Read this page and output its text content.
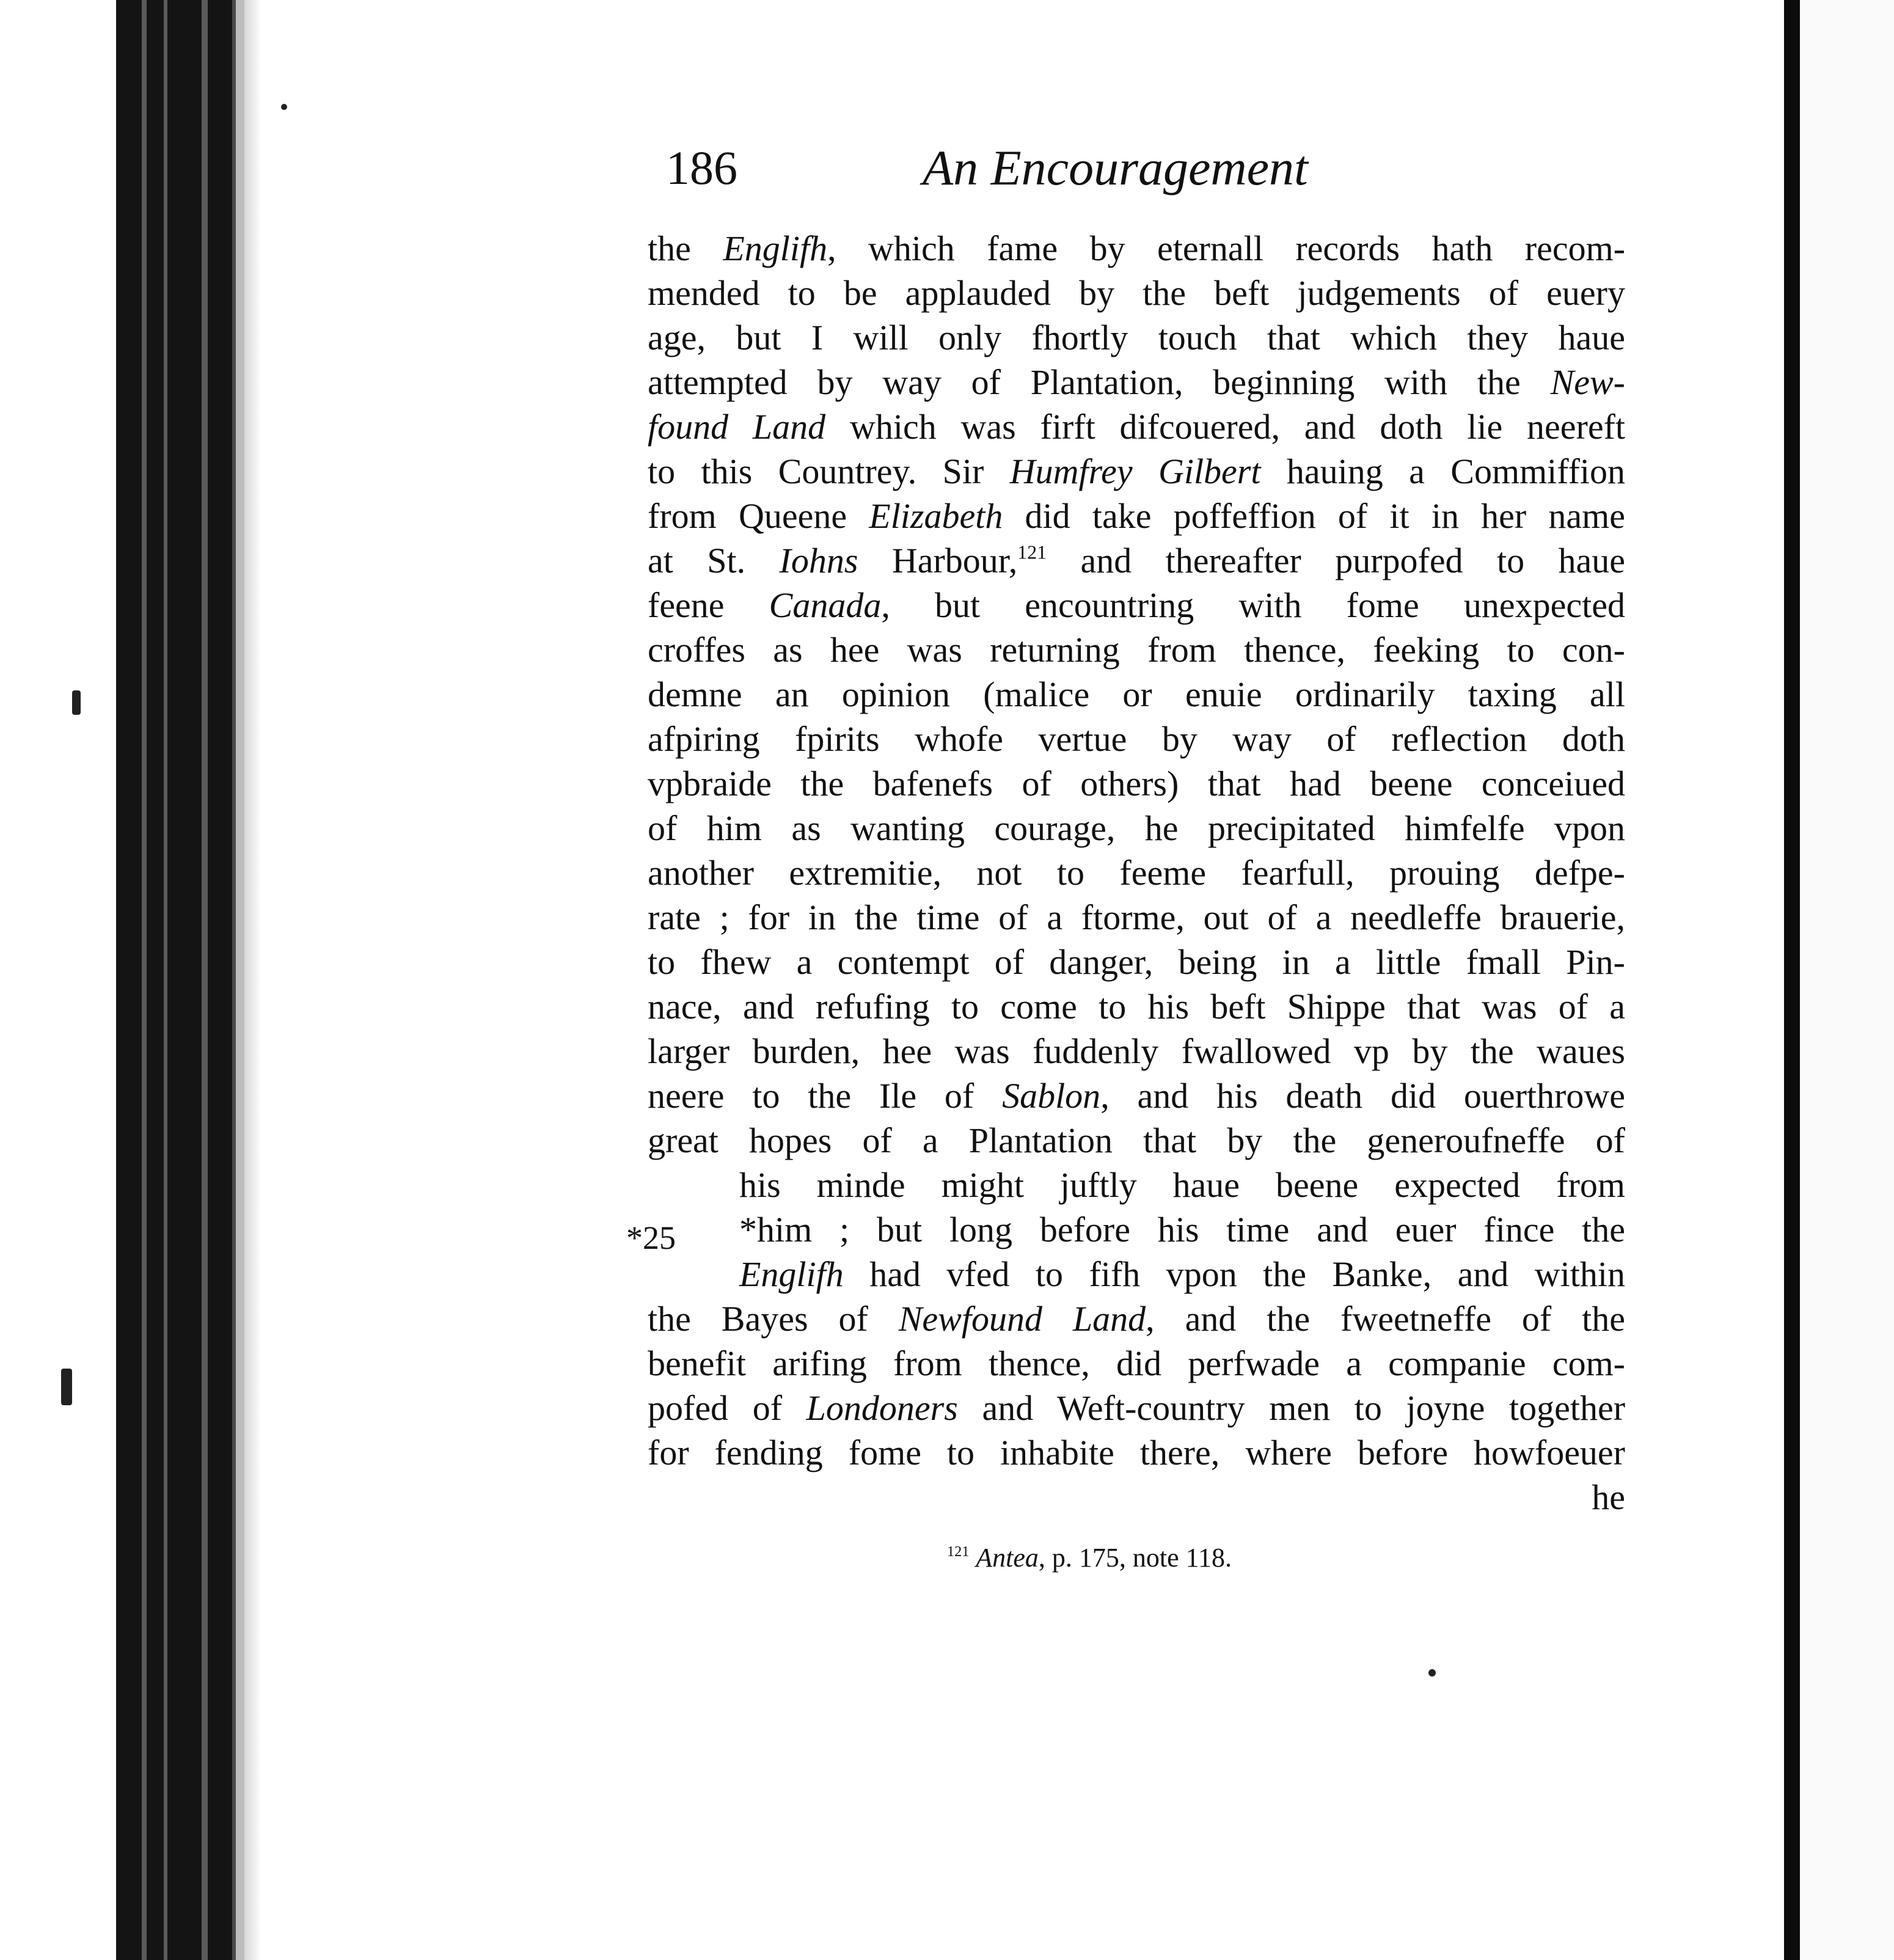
186	An Encouragement
the Englifh, which fame by eternall records hath recom-
mended to be applauded by the beft judgements of euery
age, but I will only fhortly touch that which they haue
attempted by way of Plantation, beginning with the New-
found Land which was firft difcouered, and doth lie neereft
to this Countrey. Sir Humfrey Gilbert hauing a Commiffion
from Queene Elizabeth did take poffeffion of it in her name
at St. Iohns Harbour,$^{121}$ and thereafter purpofed to haue
feene Canada, but encountring with fome unexpected
croffes as hee was returning from thence, feeking to con-
demne an opinion (malice or enuie ordinarily taxing all
afpiring fpirits whofe vertue by way of reflection doth
vpbraide the bafenefs of others) that had beene conceiued
of him as wanting courage, he precipitated himfelfe vpon
another extremitie, not to feeme fearfull, prouing defpe-
rate ; for in the time of a ftorme, out of a needleffe brauerie,
to fhew a contempt of danger, being in a little fmall Pin-
nace, and refufing to come to his beft Shippe that was of a
larger burden, hee was fuddenly fwallowed vp by the waues
neere to the Ile of Sablon, and his death did ouerthrowe
great hopes of a Plantation that by the generoufneffe of
his minde might juftly haue beene expected from
*him ; but long before his time and euer fince the
Englifh had vfed to fifh vpon the Banke, and within
the Bayes of Newfound Land, and the fweetneffe of the
benefit arifing from thence, did perfwade a companie com-
pofed of Londoners and Weft-country men to joyne together
for fending fome to inhabite there, where before howfoeuer
he
*25
$^{121}$ Antea, p. 175, note 118.
